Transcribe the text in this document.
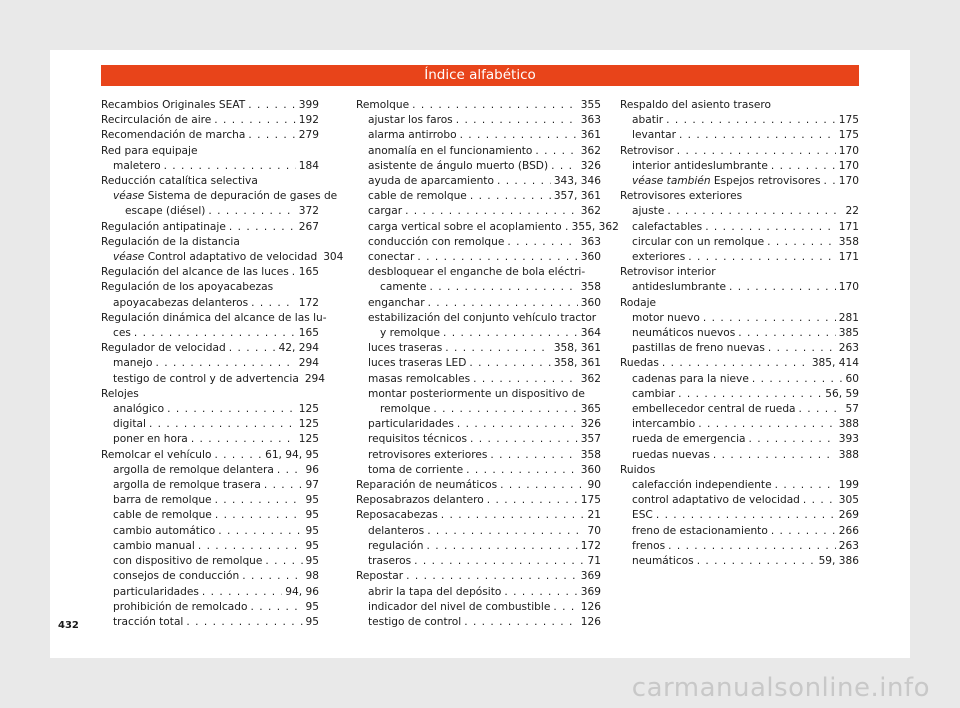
Índice alfabético
Recambios Originales SEAT . . .	399
Recirculación de aire . . .	192
Recomendación de marcha . . .	279
Red para equipaje
maletero . . .	184
Reducción catalítica selectiva
véase Sistema de depuración de gases de
escape (diésel) . . .	372
Regulación antipatinaje . . .	267
Regulación de la distancia
véase Control adaptativo de velocidad 304
Regulación del alcance de las luces . . . 165
Regulación de los apoyacabezas
apoyacabezas delanteros . . .	172
Regulación dinámica del alcance de las lu-
ces . . .	165
Regulador de velocidad . . .	42, 294
manejo . . .	294
testigo de control y de advertencia 294
Relojes
analógico . . .	125
digital . . .	125
poner en hora . . .	125
Remolcar el vehículo . . .	61, 94, 95
argolla de remolque delantera . . .	96
argolla de remolque trasera . . .	97
barra de remolque . . .	95
cable de remolque . . .	95
cambio automático . . .	95
cambio manual . . .	95
con dispositivo de remolque . . .	95
consejos de conducción . . .	98
particularidades . . .	94, 96
prohibición de remolcado . . .	95
tracción total . . .	95
Remolque . . .	355
ajustar los faros . . .	363
alarma antirrobo . . .	361
anomalía en el funcionamiento . . .	362
asistente de ángulo muerto (BSD) . . .	326
ayuda de aparcamiento . . .	343, 346
cable de remolque . . .	357, 361
cargar . . .	362
carga vertical sobre el acoplamiento . 355, 362
conducción con remolque . . .	363
conectar . . .	360
desbloquear el enganche de bola eléctri-
camente . . .	358
enganchar . . .	360
estabilización del conjunto vehículo tractor
y remolque . . .	364
luces traseras . . .	358, 361
luces traseras LED . . .	358, 361
masas remolcables . . .	362
montar posteriormente un dispositivo de
remolque . . .	365
particularidades . . .	326
requisitos técnicos . . .	357
retrovisores exteriores . . .	358
toma de corriente . . .	360
Reparación de neumáticos . . .	90
Reposabrazos delantero . . .	175
Reposacabezas . . .	21
delanteros . . .	70
regulación . . .	172
traseros . . .	71
Repostar . . .	369
abrir la tapa del depósito . . .	369
indicador del nivel de combustible . . .	126
testigo de control . . .	126
Respaldo del asiento trasero
abatir . . .	175
levantar . . .	175
Retrovisor . . .	170
interior antideslumbrante . . .	170
véase también Espejos retrovisores . . . 170
Retrovisores exteriores
ajuste . . .	22
calefactables . . .	171
circular con un remolque . . .	358
exteriores . . .	171
Retrovisor interior
antideslumbrante . . .	170
Rodaje
motor nuevo . . .	281
neumáticos nuevos . . .	385
pastillas de freno nuevas . . .	263
Ruedas . . .	385, 414
cadenas para la nieve . . .	60
cambiar . . .	56, 59
embellecedor central de rueda . . .	57
intercambio . . .	388
rueda de emergencia . . .	393
ruedas nuevas . . .	388
Ruidos
calefacción independiente . . .	199
control adaptativo de velocidad . . .	305
ESC . . .	269
freno de estacionamiento . . .	266
frenos . . .	263
neumáticos . . .	59, 386
432
carmanualsonline.info
